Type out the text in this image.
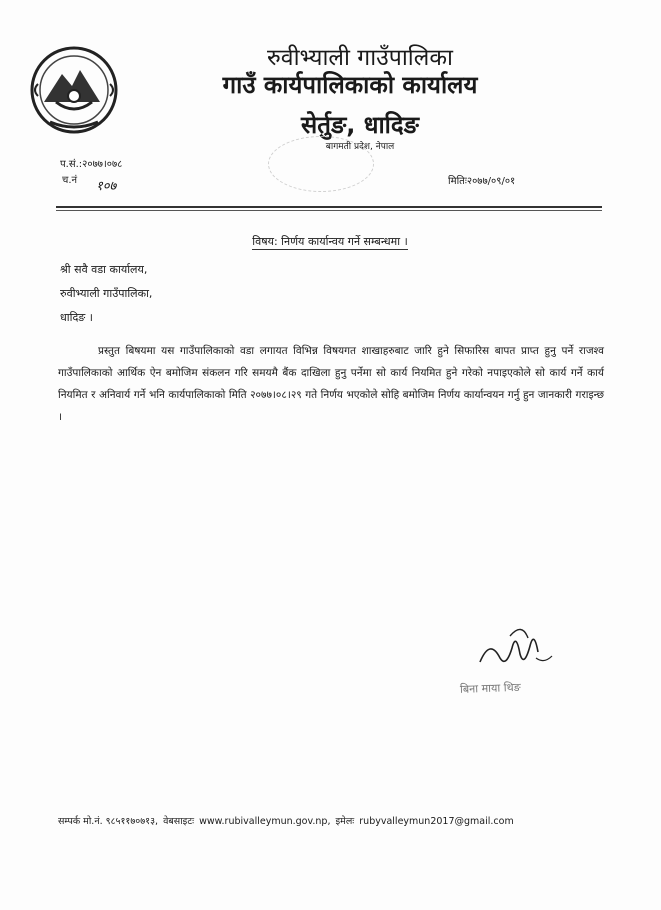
रुवीभ्याली गाउँपालिका
गाउँ कार्यपालिकाको कार्यालय
सेर्तुङ, धादिङ
बागमती प्रदेश, नेपाल
प.सं.:२०७७।०७८
च.नं १०७	मितिः२०७७/०९/०१
विषय: निर्णय कार्यान्वय गर्ने सम्बन्धमा ।
श्री सवै वडा कार्यालय,
रुवीभ्याली गाउँपालिका,
धादिङ ।
प्रस्तुत बिषयमा यस गाउँपालिकाको वडा लगायत विभिन्न विषयगत शाखाहरुबाट जारि हुने सिफारिस बापत प्राप्त हुनु पर्ने राजश्व गाउँपालिकाको आर्थिक ऐन बमोजिम संकलन गरि समयमै बैंक दाखिला हुनु पर्नेमा सो कार्य नियमित हुने गरेको नपाइएकोले सो कार्य गर्ने कार्य नियमित र अनिवार्य गर्ने भनि कार्यपालिकाको मिति २०७७।०८।२९ गते निर्णय भएकोले सोहि बमोजिम निर्णय कार्यान्वयन गर्नु हुन जानकारी गराइन्छ ।
बिना माया थिङ
सम्पर्क मो.नं. ९८५११७०७१३, वेबसाइटः www.rubivalleymun.gov.np, इमेलः rubyvalleymun2017@gmail.com
